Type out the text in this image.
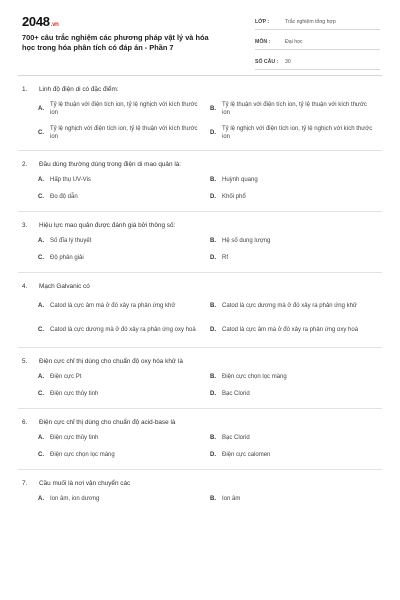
2048.vn
700+ câu trắc nghiệm các phương pháp vật lý và hóa học trong hóa phân tích có đáp án - Phần 7
LỚP :	Trắc nghiệm tổng hợp
MÔN :	Đại học
SỐ CÂU :	30
1.	Linh độ điện di có đặc điểm:
A.
Tỷ lệ thuận với điện tích ion, tỷ lệ nghịch với kích thước ion
B.
Tỷ lệ thuận với điện tích ion, tỷ lệ thuận với kích thước ion
C.
Tỷ lệ nghịch với điện tích ion, tỷ lệ thuận với kích thước ion
D.
Tỷ lệ nghịch với điện tích ion, tỷ lệ nghịch với kích thước ion
2.	Đầu dùng thường dùng trong điện di mao quản là:
A.	Hấp thụ UV-Vis	B.	Huỳnh quang
C.	Đo độ dẫn	D.	Khối phổ
3.	Hiệu lực mao quản được đánh giá bởi thông số:
A.	Số đĩa lý thuyết	B.	Hệ số dung lượng
C.	Độ phân giải	D.	Rf
4.	Mạch Galvanic có
A.	Catod là cực âm mà ở đó xảy ra phản ứng khử	B.	Catod là cực dương mà ở đó xảy ra phản ứng khử
C.	Catod là cực dương mà ở đó xảy ra phản ứng oxy hoá	D.	Catod là cực âm mà ở đó xảy ra phản ứng oxy hoá
5.	Điện cực chỉ thị dùng cho chuẩn độ oxy hóa khử là
A.	Điện cực Pt	B.	Điện cực chọn lọc màng
C.	Điện cực thủy tinh	D.	Bạc Clorid
6.	Điện cực chỉ thị dùng cho chuẩn độ acid-base là
A.	Điện cực thủy tinh	B.	Bạc Clorid
C.	Điện cực chọn lọc màng	D.	Điện cực calomen
7.	Cầu muối là nơi vận chuyển các
A.	Ion âm, ion dương	B.	Ion âm
